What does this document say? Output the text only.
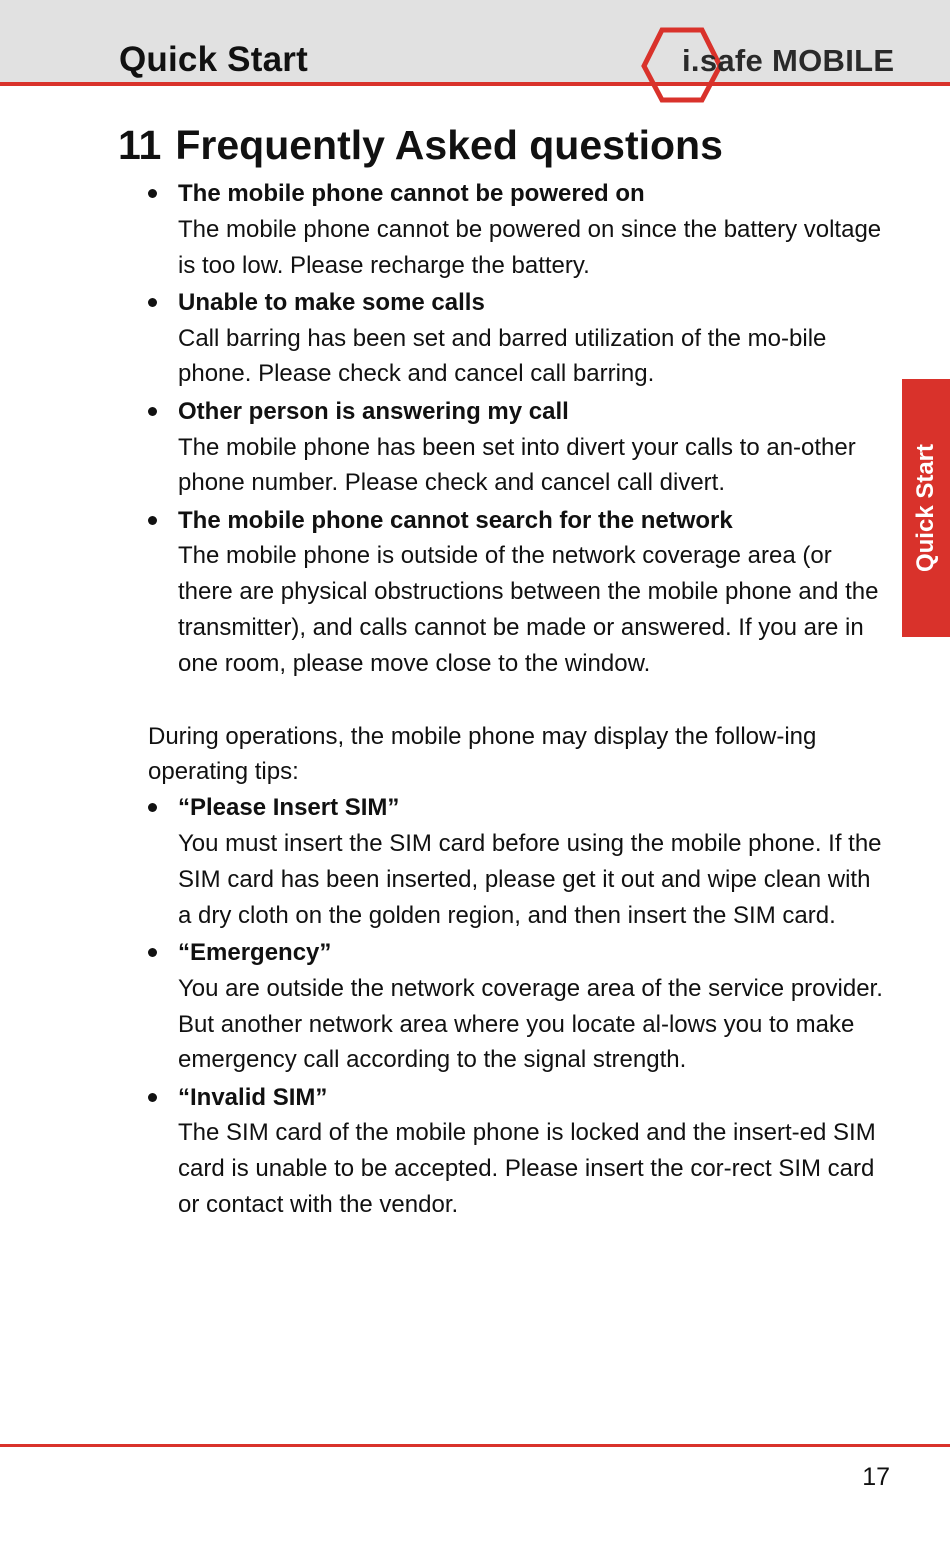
Quick Start	i.safe MOBILE
Quick Start
11 Frequently Asked questions
The mobile phone cannot be powered on
The mobile phone cannot be powered on since the battery voltage is too low. Please recharge the battery.
Unable to make some calls
Call barring has been set and barred utilization of the mo-bile phone. Please check and cancel call barring.
Other person is answering my call
The mobile phone has been set into divert your calls to an-other phone number. Please check and cancel call divert.
The mobile phone cannot search for the network
The mobile phone is outside of the network coverage area (or there are physical obstructions between the mobile phone and the transmitter), and calls cannot be made or answered. If you are in one room, please move close to the window.

During operations, the mobile phone may display the follow-ing operating tips:

“Please Insert SIM”
You must insert the SIM card before using the mobile phone. If the SIM card has been inserted, please get it out and wipe clean with a dry cloth on the golden region, and then insert the SIM card.
“Emergency”
You are outside the network coverage area of the service provider. But another network area where you locate al-lows you to make emergency call according to the signal strength.
“Invalid SIM”
The SIM card of the mobile phone is locked and the insert-ed SIM card is unable to be accepted. Please insert the cor-rect SIM card or contact with the vendor.
17
